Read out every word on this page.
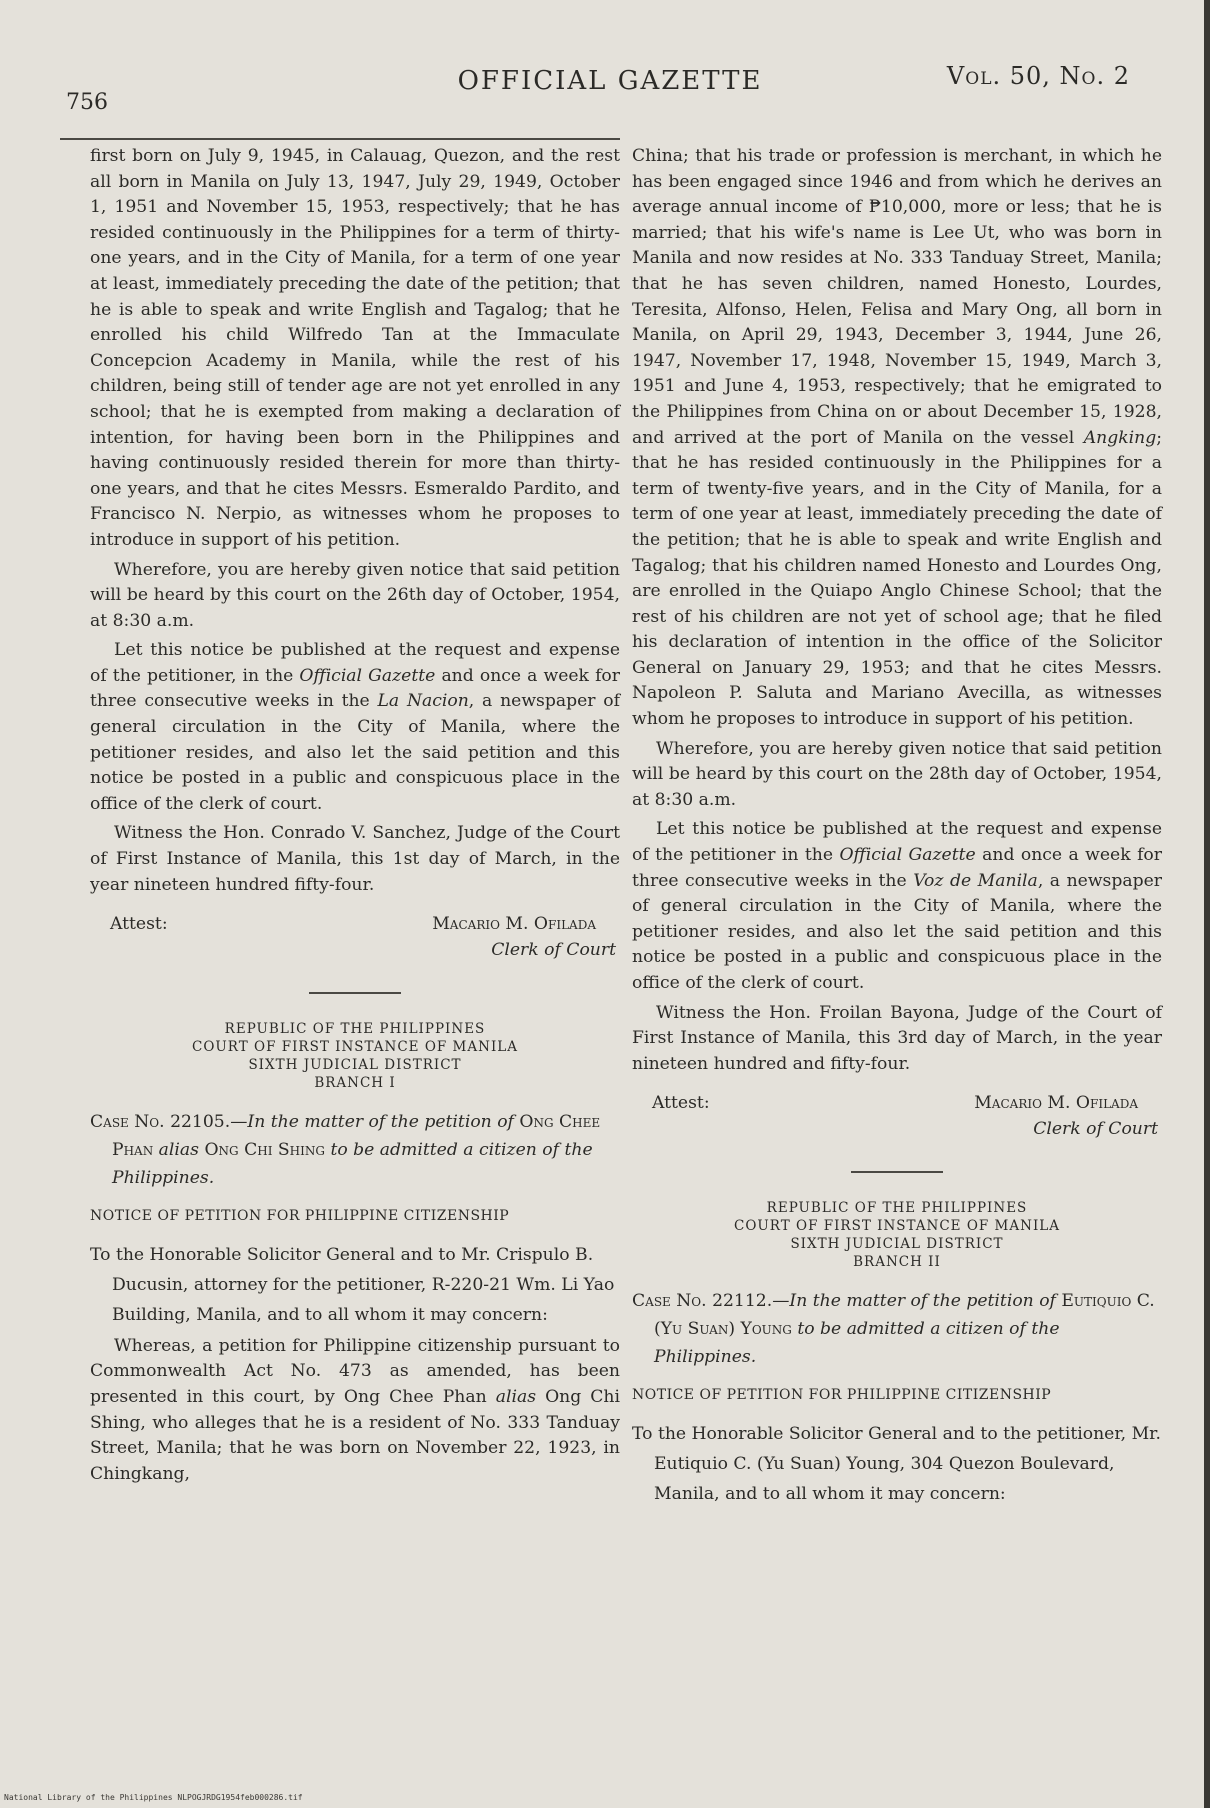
756
OFFICIAL GAZETTE	Vol. 50, No. 2

first born on July 9, 1945, in Calauag, Quezon, and the rest all born in Manila on July 13, 1947, July 29, 1949, October 1, 1951 and November 15, 1953, respectively; that he has resided continuously in the Philippines for a term of thirty-one years, and in the City of Manila, for a term of one year at least, immediately preceding the date of the petition; that he is able to speak and write English and Tagalog; that he enrolled his child Wilfredo Tan at the Immaculate Concepcion Academy in Manila, while the rest of his children, being still of tender age are not yet enrolled in any school; that he is exempted from making a declaration of intention, for having been born in the Philippines and having continuously resided therein for more than thirty-one years, and that he cites Messrs. Esmeraldo Pardito, and Francisco N. Nerpio, as witnesses whom he proposes to introduce in support of his petition.

Wherefore, you are hereby given notice that said petition will be heard by this court on the 26th day of October, 1954, at 8:30 a.m.

Let this notice be published at the request and expense of the petitioner, in the Official Gazette and once a week for three consecutive weeks in the La Nacion, a newspaper of general circulation in the City of Manila, where the petitioner resides, and also let the said petition and this notice be posted in a public and conspicuous place in the office of the clerk of court.

Witness the Hon. Conrado V. Sanchez, Judge of the Court of First Instance of Manila, this 1st day of March, in the year nineteen hundred fifty-four.

Attest:	Macario M. Ofilada
Clerk of Court
REPUBLIC OF THE PHILIPPINES
COURT OF FIRST INSTANCE OF MANILA
SIXTH JUDICIAL DISTRICT
BRANCH I

Case No. 22105.—In the matter of the petition of Ong Chee Phan alias Ong Chi Shing to be admitted a citizen of the Philippines.

NOTICE OF PETITION FOR PHILIPPINE CITIZENSHIP

To the Honorable Solicitor General and to Mr. Crispulo B. Ducusin, attorney for the petitioner, R-220-21 Wm. Li Yao Building, Manila, and to all whom it may concern:

Whereas, a petition for Philippine citizenship pursuant to Commonwealth Act No. 473 as amended, has been presented in this court, by Ong Chee Phan alias Ong Chi Shing, who alleges that he is a resident of No. 333 Tanduay Street, Manila; that he was born on November 22, 1923, in Chingkang,

China; that his trade or profession is merchant, in which he has been engaged since 1946 and from which he derives an average annual income of ₱10,000, more or less; that he is married; that his wife's name is Lee Ut, who was born in Manila and now resides at No. 333 Tanduay Street, Manila; that he has seven children, named Honesto, Lourdes, Teresita, Alfonso, Helen, Felisa and Mary Ong, all born in Manila, on April 29, 1943, December 3, 1944, June 26, 1947, November 17, 1948, November 15, 1949, March 3, 1951 and June 4, 1953, respectively; that he emigrated to the Philippines from China on or about December 15, 1928, and arrived at the port of Manila on the vessel Angking; that he has resided continuously in the Philippines for a term of twenty-five years, and in the City of Manila, for a term of one year at least, immediately preceding the date of the petition; that he is able to speak and write English and Tagalog; that his children named Honesto and Lourdes Ong, are enrolled in the Quiapo Anglo Chinese School; that the rest of his children are not yet of school age; that he filed his declaration of intention in the office of the Solicitor General on January 29, 1953; and that he cites Messrs. Napoleon P. Saluta and Mariano Avecilla, as witnesses whom he proposes to introduce in support of his petition.

Wherefore, you are hereby given notice that said petition will be heard by this court on the 28th day of October, 1954, at 8:30 a.m.

Let this notice be published at the request and expense of the petitioner in the Official Gazette and once a week for three consecutive weeks in the Voz de Manila, a newspaper of general circulation in the City of Manila, where the petitioner resides, and also let the said petition and this notice be posted in a public and conspicuous place in the office of the clerk of court.

Witness the Hon. Froilan Bayona, Judge of the Court of First Instance of Manila, this 3rd day of March, in the year nineteen hundred and fifty-four.

Attest:	Macario M. Ofilada
Clerk of Court
REPUBLIC OF THE PHILIPPINES
COURT OF FIRST INSTANCE OF MANILA
SIXTH JUDICIAL DISTRICT
BRANCH II

Case No. 22112.—In the matter of the petition of Eutiquio C. (Yu Suan) Young to be admitted a citizen of the Philippines.

NOTICE OF PETITION FOR PHILIPPINE CITIZENSHIP

To the Honorable Solicitor General and to the petitioner, Mr. Eutiquio C. (Yu Suan) Young, 304 Quezon Boulevard, Manila, and to all whom it may concern:

National Library of the Philippines NLPOGJRDG1954feb000286.tif
